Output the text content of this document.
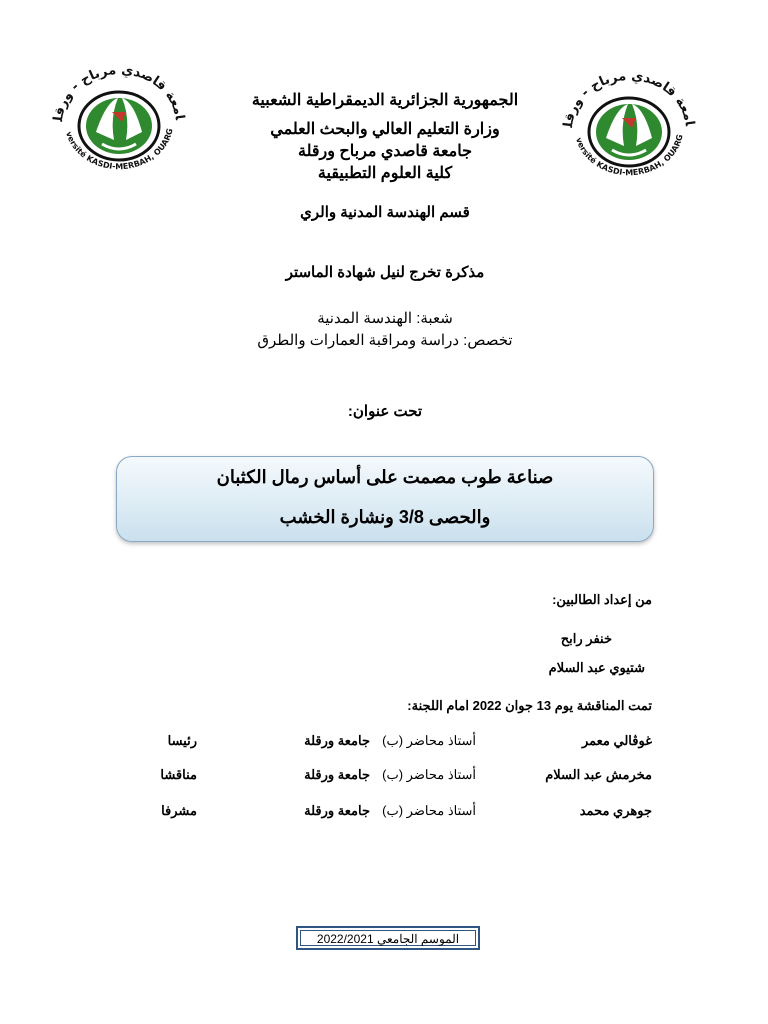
امعة قاصدي مرباح - ورقل
versité KASDI-MERBAH, OUARG
امعة قاصدي مرباح - ورقل
versité KASDI-MERBAH, OUARG
الجمهورية الجزائرية الديمقراطية الشعبية
وزارة التعليم العالي والبحث العلمي
جامعة قاصدي مرباح ورقلة
كلية العلوم التطبيقية
قسم الهندسة المدنية والري
مذكرة تخرج لنيل شهادة الماستر
شعبة: الهندسة المدنية
تخصص: دراسة ومراقبة العمارات والطرق
تحت عنوان:
صناعة طوب مصمت على أساس رمال الكثبان
والحصى 3/8 ونشارة الخشب
من إعداد الطالبين:
خنفر رابح
شتيوي عبد السلام
تمت المناقشة يوم 13 جوان 2022 امام اللجنة:
غوڤالي معمر
أستاذ محاضر (ب)
جامعة ورقلة
رئيسا
مخرمش عبد السلام
أستاذ محاضر (ب)
جامعة ورقلة
مناقشا
جوهري محمد
أستاذ محاضر (ب)
جامعة ورقلة
مشرفا
الموسم الجامعي 2022/2021
